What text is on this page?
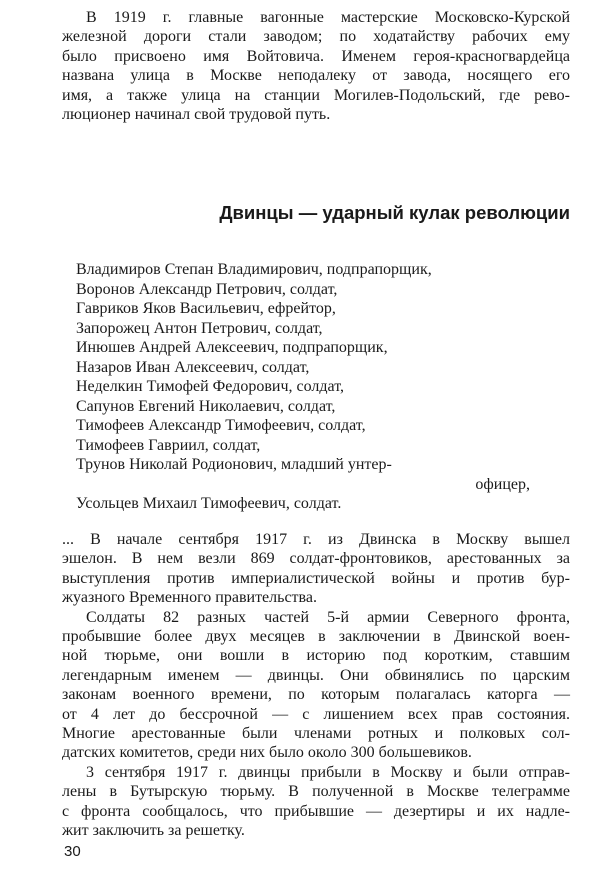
В 1919 г. главные вагонные мастерские Московско-Курской
железной дороги стали заводом; по ходатайству рабочих ему
было присвоено имя Войтовича. Именем героя-красногвардейца
названа улица в Москве неподалеку от завода, носящего его
имя, а также улица на станции Могилев-Подольский, где рево-
люционер начинал свой трудовой путь.

Двинцы — ударный кулак революции
Владимиров Степан Владимирович, подпрапорщик,
Воронов Александр Петрович, солдат,
Гавриков Яков Васильевич, ефрейтор,
Запорожец Антон Петрович, солдат,
Инюшев Андрей Алексеевич, подпрапорщик,
Назаров Иван Алексеевич, солдат,
Неделкин Тимофей Федорович, солдат,
Сапунов Евгений Николаевич, солдат,
Тимофеев Александр Тимофеевич, солдат,
Тимофеев Гавриил, солдат,
Трунов Николай Родионович, младший унтер-
офицер,
Усольцев Михаил Тимофеевич, солдат.

... В начале сентября 1917 г. из Двинска в Москву вышел
эшелон. В нем везли 869 солдат-фронтовиков, арестованных за
выступления против империалистической войны и против бур-
жуазного Временного правительства.

Солдаты 82 разных частей 5-й армии Северного фронта,
пробывшие более двух месяцев в заключении в Двинской воен-
ной тюрьме, они вошли в историю под коротким, ставшим
легендарным именем — двинцы. Они обвинялись по царским
законам военного времени, по которым полагалась каторга —
от 4 лет до бессрочной — с лишением всех прав состояния.
Многие арестованные были членами ротных и полковых сол-
датских комитетов, среди них было около 300 большевиков.

3 сентября 1917 г. двинцы прибыли в Москву и были отправ-
лены в Бутырскую тюрьму. В полученной в Москве телеграмме
с фронта сообщалось, что прибывшие — дезертиры и их надле-
жит заключить за решетку.

30
